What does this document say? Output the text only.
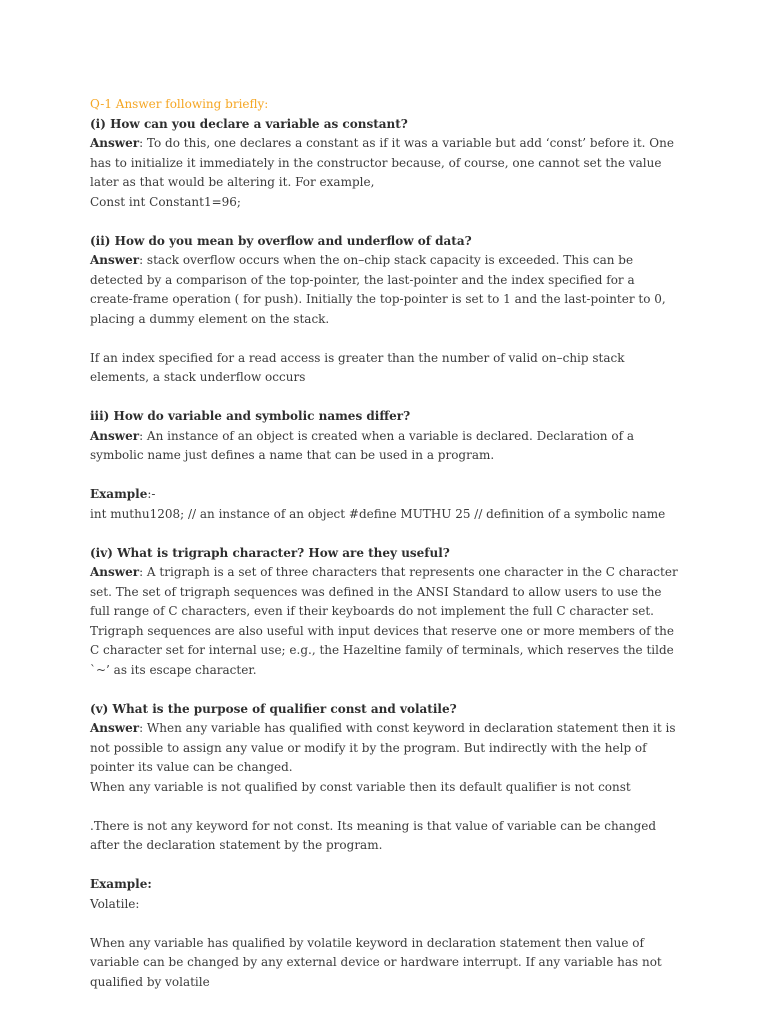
Q-1 Answer following briefly:

(i) How can you declare a variable as constant?

Answer: To do this, one declares a constant as if it was a variable but add ‘const’ before it. One has to initialize it immediately in the constructor because, of course, one cannot set the value later as that would be altering it. For example,

Const int Constant1=96;

(ii) How do you mean by overflow and underflow of data?

Answer: stack overflow occurs when the on–chip stack capacity is exceeded. This can be detected by a comparison of the top-pointer, the last-pointer and the index specified for a create-frame operation ( for push). Initially the top-pointer is set to 1 and the last-pointer to 0, placing a dummy element on the stack.

If an index specified for a read access is greater than the number of valid on–chip stack elements, a stack underflow occurs

iii) How do variable and symbolic names differ?

Answer: An instance of an object is created when a variable is declared. Declaration of a symbolic name just defines a name that can be used in a program.

Example:-

int muthu1208; // an instance of an object #define MUTHU 25 // definition of a symbolic name

(iv) What is trigraph character? How are they useful?

Answer: A trigraph is a set of three characters that represents one character in the C character set. The set of trigraph sequences was defined in the ANSI Standard to allow users to use the full range of C characters, even if their keyboards do not implement the full C character set. Trigraph sequences are also useful with input devices that reserve one or more members of the C character set for internal use; e.g., the Hazeltine family of terminals, which reserves the tilde `~’ as its escape character.

(v) What is the purpose of qualifier const and volatile?

Answer: When any variable has qualified with const keyword in declaration statement then it is not possible to assign any value or modify it by the program. But indirectly with the help of pointer its value can be changed.

When any variable is not qualified by const variable then its default qualifier is not const

.There is not any keyword for not const. Its meaning is that value of variable can be changed after the declaration statement by the program.

Example:

Volatile:

When any variable has qualified by volatile keyword in declaration statement then value of variable can be changed by any external device or hardware interrupt. If any variable has not qualified by volatile
